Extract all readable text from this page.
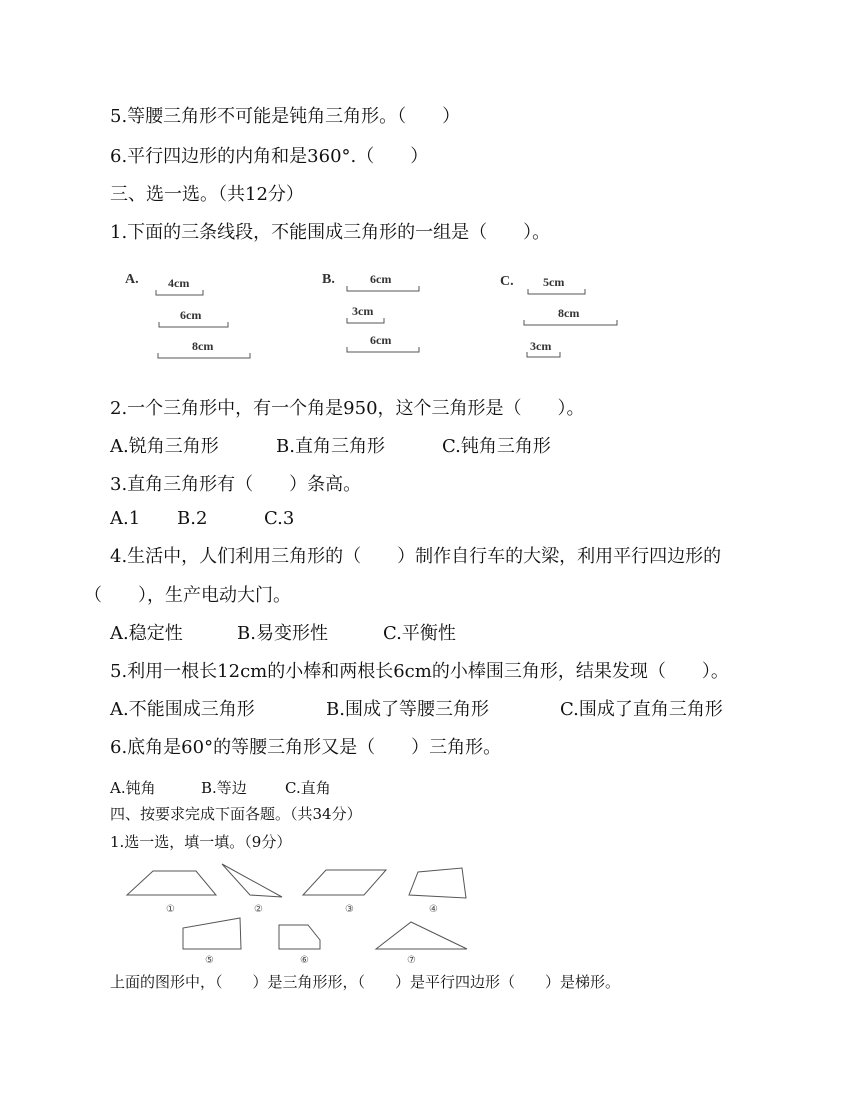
5.等腰三角形不可能是钝角三角形。（　　）
6.平行四边形的内角和是360°.（　　）
三、选一选。（共12分）
1.下面的三条线段，不能围成三角形的一组是（　　）。
A. 4cm
6cm
8cm
B.	6cm
3cm
6cm
C. 5cm
8cm
3cm
2.一个三角形中，有一个角是950，这个三角形是（　　）。
A.锐角三角形	B.直角三角形	C.钝角三角形
3.直角三角形有（　　）条高。
A.1 B.2	C.3
4.生活中，人们利用三角形的（　　）制作自行车的大梁，利用平行四边形的
（　　），生产电动大门。
A.稳定性	B.易变形性	C.平衡性
5.利用一根长12cm的小棒和两根长6cm的小棒围三角形，结果发现（　　）。
A.不能围成三角形	B.围成了等腰三角形	C.围成了直角三角形
6.底角是60°的等腰三角形又是（　　）三角形。
A.钝角	B.等边	C.直角
四、按要求完成下面各题。（共34分）
1.选一选，填一填。（9分）
①	②	③	④
⑤	⑥	⑦
上面的图形中，（　　）是三角形形，（　　）是平行四边形（　　）是梯形。
